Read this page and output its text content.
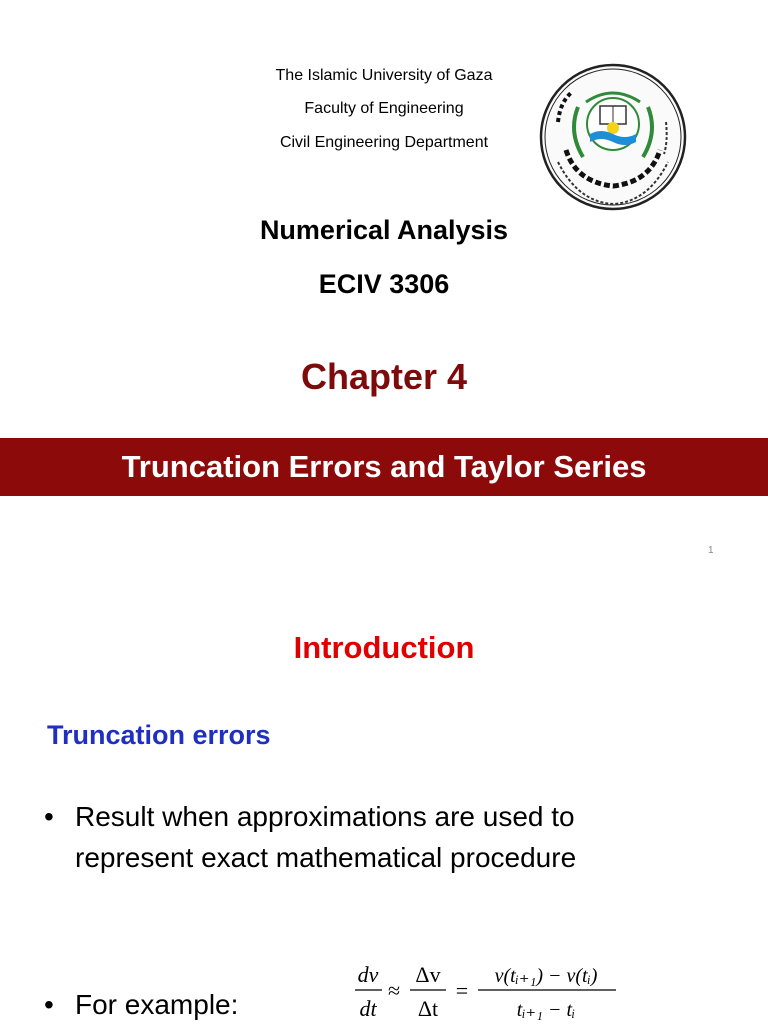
The Islamic University of Gaza
Faculty of Engineering
Civil Engineering Department
Numerical Analysis
ECIV 3306
Chapter 4
Truncation Errors and Taylor Series
1
Introduction
Truncation errors
• Result when approximations are used to
represent exact mathematical procedure
• For example:
dv
dt
≈
Δv
Δt
=
v(tᵢ₊₁) − v(tᵢ)
tᵢ₊₁ − tᵢ
